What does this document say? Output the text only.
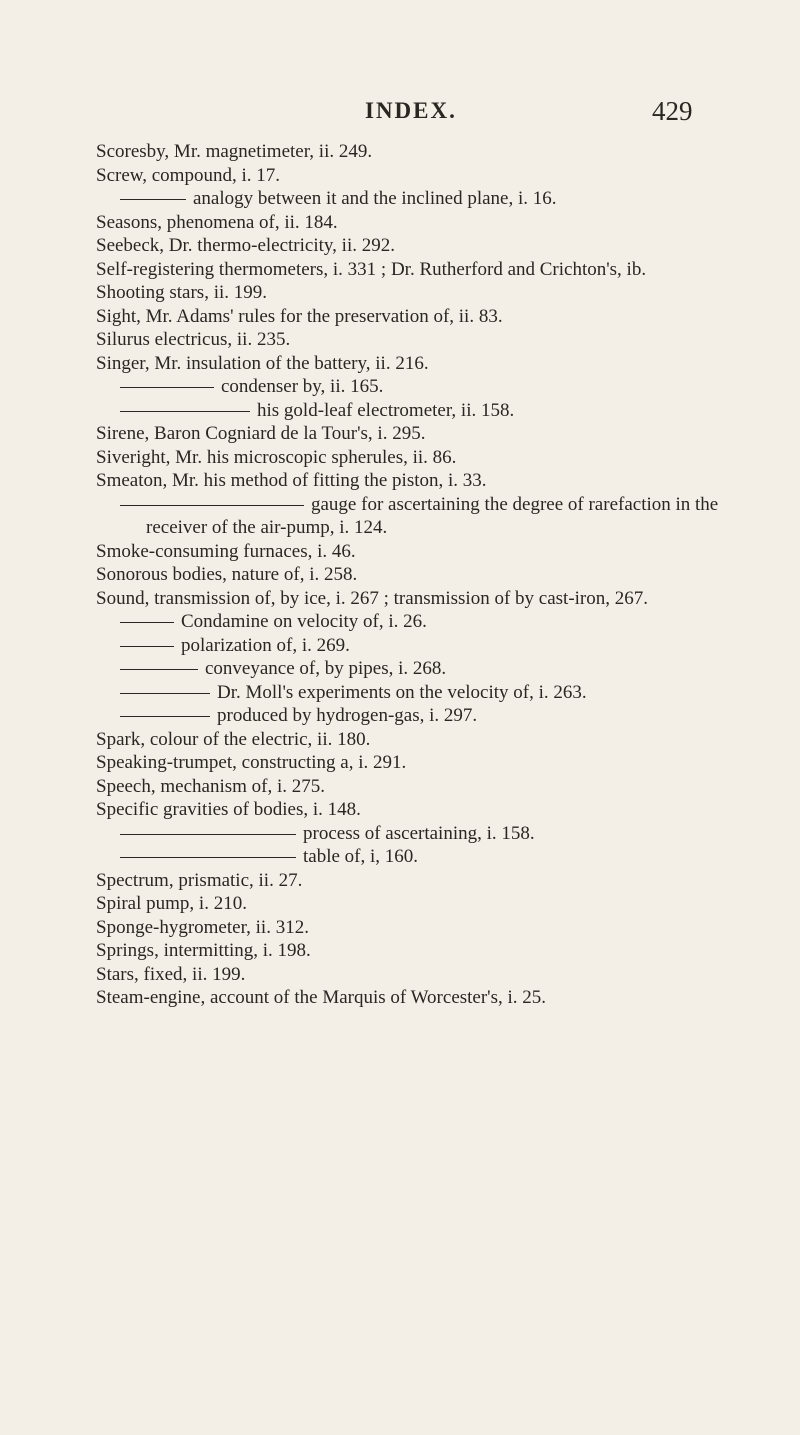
INDEX.	429

Scoresby, Mr. magnetimeter, ii. 249.

Screw, compound, i. 17.

analogy between it and the inclined plane, i. 16.

Seasons, phenomena of, ii. 184.

Seebeck, Dr. thermo-electricity, ii. 292.

Self-registering thermometers, i. 331 ; Dr. Rutherford and Crichton's, ib.

Shooting stars, ii. 199.

Sight, Mr. Adams' rules for the preservation of, ii. 83.

Silurus electricus, ii. 235.

Singer, Mr. insulation of the battery, ii. 216.

condenser by, ii. 165.

his gold-leaf electrometer, ii. 158.

Sirene, Baron Cogniard de la Tour's, i. 295.

Siveright, Mr. his microscopic spherules, ii. 86.

Smeaton, Mr. his method of fitting the piston, i. 33.

gauge for ascertaining the degree of rarefaction in the receiver of the air-pump, i. 124.

Smoke-consuming furnaces, i. 46.

Sonorous bodies, nature of, i. 258.

Sound, transmission of, by ice, i. 267 ; transmission of by cast-iron, 267.

Condamine on velocity of, i. 26.

polarization of, i. 269.

conveyance of, by pipes, i. 268.

Dr. Moll's experiments on the velocity of, i. 263.

produced by hydrogen-gas, i. 297.

Spark, colour of the electric, ii. 180.

Speaking-trumpet, constructing a, i. 291.

Speech, mechanism of, i. 275.

Specific gravities of bodies, i. 148.

process of ascertaining, i. 158.

table of, i, 160.

Spectrum, prismatic, ii. 27.

Spiral pump, i. 210.

Sponge-hygrometer, ii. 312.

Springs, intermitting, i. 198.

Stars, fixed, ii. 199.

Steam-engine, account of the Marquis of Worcester's, i. 25.
